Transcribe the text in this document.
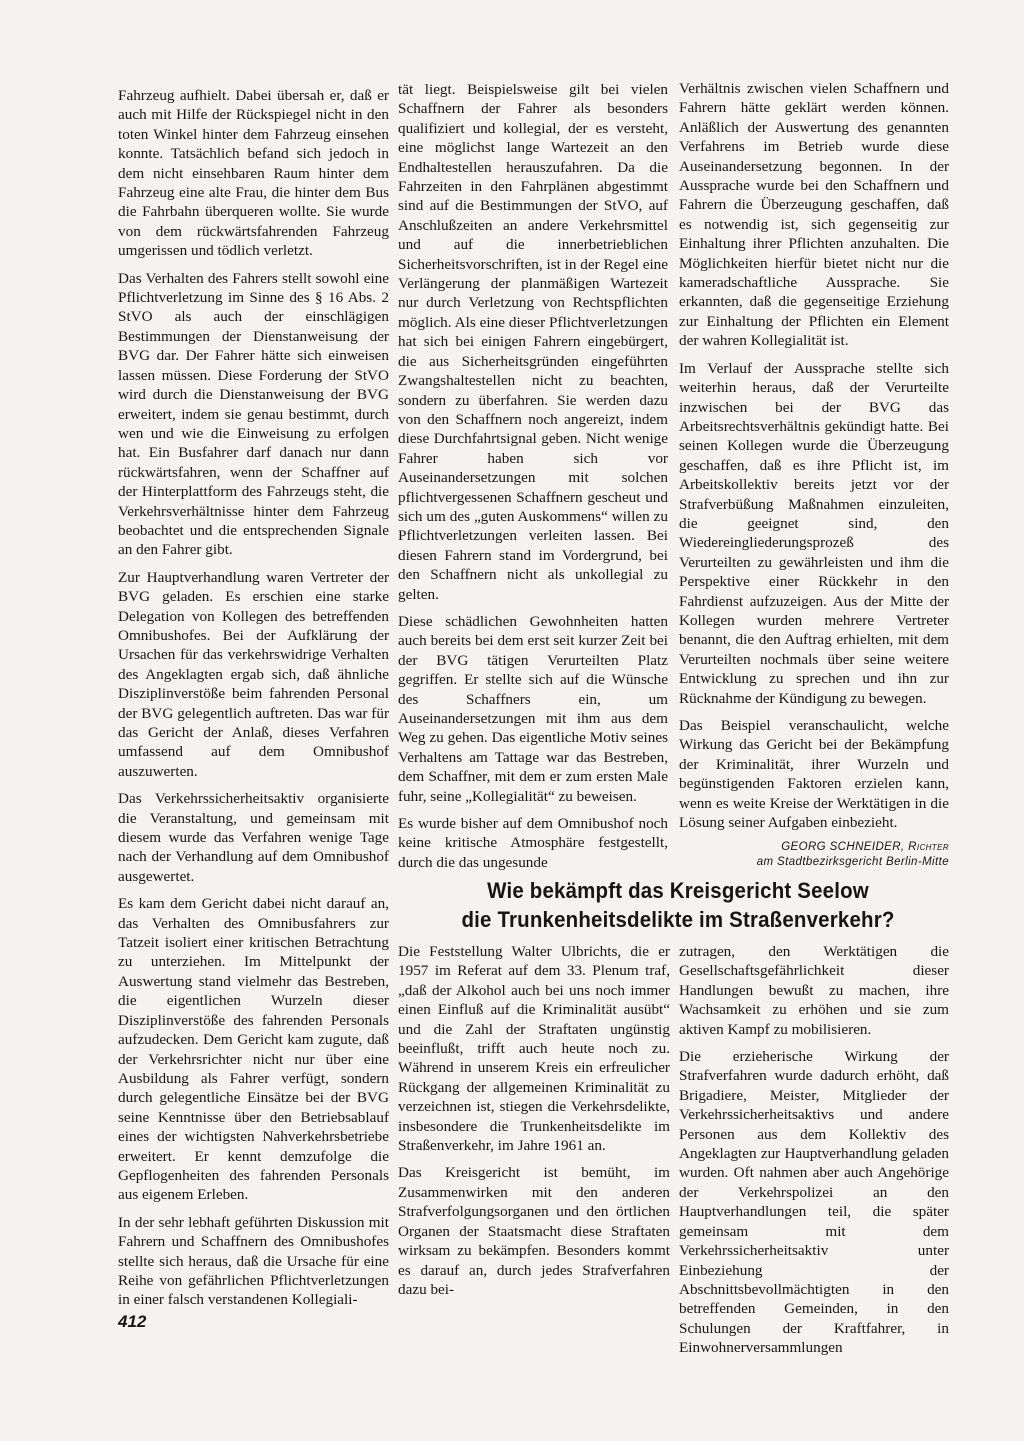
Fahrzeug aufhielt. Dabei übersah er, daß er auch mit Hilfe der Rückspiegel nicht in den toten Winkel hinter dem Fahrzeug einsehen konnte. Tatsächlich befand sich jedoch in dem nicht einsehbaren Raum hinter dem Fahrzeug eine alte Frau, die hinter dem Bus die Fahrbahn überqueren wollte. Sie wurde von dem rückwärtsfahrenden Fahrzeug umgerissen und tödlich verletzt.

Das Verhalten des Fahrers stellt sowohl eine Pflichtverletzung im Sinne des § 16 Abs. 2 StVO als auch der einschlägigen Bestimmungen der Dienstanweisung der BVG dar. Der Fahrer hätte sich einweisen lassen müssen. Diese Forderung der StVO wird durch die Dienstanweisung der BVG erweitert, indem sie genau bestimmt, durch wen und wie die Einweisung zu erfolgen hat. Ein Busfahrer darf danach nur dann rückwärtsfahren, wenn der Schaffner auf der Hinterplattform des Fahrzeugs steht, die Verkehrsverhältnisse hinter dem Fahrzeug beobachtet und die entsprechenden Signale an den Fahrer gibt.

Zur Hauptverhandlung waren Vertreter der BVG geladen. Es erschien eine starke Delegation von Kollegen des betreffenden Omnibushofes. Bei der Aufklärung der Ursachen für das verkehrswidrige Verhalten des Angeklagten ergab sich, daß ähnliche Disziplinverstöße beim fahrenden Personal der BVG gelegentlich auftreten. Das war für das Gericht der Anlaß, dieses Verfahren umfassend auf dem Omnibushof auszuwerten.

Das Verkehrssicherheitsaktiv organisierte die Veranstaltung, und gemeinsam mit diesem wurde das Verfahren wenige Tage nach der Verhandlung auf dem Omnibushof ausgewertet.

Es kam dem Gericht dabei nicht darauf an, das Verhalten des Omnibusfahrers zur Tatzeit isoliert einer kritischen Betrachtung zu unterziehen. Im Mittelpunkt der Auswertung stand vielmehr das Bestreben, die eigentlichen Wurzeln dieser Disziplinverstöße des fahrenden Personals aufzudecken. Dem Gericht kam zugute, daß der Verkehrsrichter nicht nur über eine Ausbildung als Fahrer verfügt, sondern durch gelegentliche Einsätze bei der BVG seine Kenntnisse über den Betriebsablauf eines der wichtigsten Nahverkehrsbetriebe erweitert. Er kennt demzufolge die Gepflogenheiten des fahrenden Personals aus eigenem Erleben.

In der sehr lebhaft geführten Diskussion mit Fahrern und Schaffnern des Omnibushofes stellte sich heraus, daß die Ursache für eine Reihe von gefährlichen Pflichtverletzungen in einer falsch verstandenen Kollegiali-

tät liegt. Beispielsweise gilt bei vielen Schaffnern der Fahrer als besonders qualifiziert und kollegial, der es versteht, eine möglichst lange Wartezeit an den Endhaltestellen herauszufahren. Da die Fahrzeiten in den Fahrplänen abgestimmt sind auf die Bestimmungen der StVO, auf Anschlußzeiten an andere Verkehrsmittel und auf die innerbetrieblichen Sicherheitsvorschriften, ist in der Regel eine Verlängerung der planmäßigen Wartezeit nur durch Verletzung von Rechtspflichten möglich. Als eine dieser Pflichtverletzungen hat sich bei einigen Fahrern eingebürgert, die aus Sicherheitsgründen eingeführten Zwangshaltestellen nicht zu beachten, sondern zu überfahren. Sie werden dazu von den Schaffnern noch angereizt, indem diese Durchfahrtsignal geben. Nicht wenige Fahrer haben sich vor Auseinandersetzungen mit solchen pflichtvergessenen Schaffnern gescheut und sich um des „guten Auskommens“ willen zu Pflichtverletzungen verleiten lassen. Bei diesen Fahrern stand im Vordergrund, bei den Schaffnern nicht als unkollegial zu gelten.

Diese schädlichen Gewohnheiten hatten auch bereits bei dem erst seit kurzer Zeit bei der BVG tätigen Verurteilten Platz gegriffen. Er stellte sich auf die Wünsche des Schaffners ein, um Auseinandersetzungen mit ihm aus dem Weg zu gehen. Das eigentliche Motiv seines Verhaltens am Tattage war das Bestreben, dem Schaffner, mit dem er zum ersten Male fuhr, seine „Kollegialität“ zu beweisen.

Es wurde bisher auf dem Omnibushof noch keine kritische Atmosphäre festgestellt, durch die das ungesunde

Verhältnis zwischen vielen Schaffnern und Fahrern hätte geklärt werden können. Anläßlich der Auswertung des genannten Verfahrens im Betrieb wurde diese Auseinandersetzung begonnen. In der Aussprache wurde bei den Schaffnern und Fahrern die Überzeugung geschaffen, daß es notwendig ist, sich gegenseitig zur Einhaltung ihrer Pflichten anzuhalten. Die Möglichkeiten hierfür bietet nicht nur die kameradschaftliche Aussprache. Sie erkannten, daß die gegenseitige Erziehung zur Einhaltung der Pflichten ein Element der wahren Kollegialität ist.

Im Verlauf der Aussprache stellte sich weiterhin heraus, daß der Verurteilte inzwischen bei der BVG das Arbeitsrechtsverhältnis gekündigt hatte. Bei seinen Kollegen wurde die Überzeugung geschaffen, daß es ihre Pflicht ist, im Arbeitskollektiv bereits jetzt vor der Strafverbüßung Maßnahmen einzuleiten, die geeignet sind, den Wiedereingliederungsprozeß des Verurteilten zu gewährleisten und ihm die Perspektive einer Rückkehr in den Fahrdienst aufzuzeigen. Aus der Mitte der Kollegen wurden mehrere Vertreter benannt, die den Auftrag erhielten, mit dem Verurteilten nochmals über seine weitere Entwicklung zu sprechen und ihn zur Rücknahme der Kündigung zu bewegen.

Das Beispiel veranschaulicht, welche Wirkung das Gericht bei der Bekämpfung der Kriminalität, ihrer Wurzeln und begünstigenden Faktoren erzielen kann, wenn es weite Kreise der Werktätigen in die Lösung seiner Aufgaben einbezieht.

GEORG SCHNEIDER, Richter
am Stadtbezirksgericht Berlin-Mitte
Wie bekämpft das Kreisgericht Seelow
die Trunkenheitsdelikte im Straßenverkehr?

Die Feststellung Walter Ulbrichts, die er 1957 im Referat auf dem 33. Plenum traf, „daß der Alkohol auch bei uns noch immer einen Einfluß auf die Kriminalität ausübt“ und die Zahl der Straftaten ungünstig beeinflußt, trifft auch heute noch zu. Während in unserem Kreis ein erfreulicher Rückgang der allgemeinen Kriminalität zu verzeichnen ist, stiegen die Verkehrsdelikte, insbesondere die Trunkenheitsdelikte im Straßenverkehr, im Jahre 1961 an.

Das Kreisgericht ist bemüht, im Zusammenwirken mit den anderen Strafverfolgungsorganen und den örtlichen Organen der Staatsmacht diese Straftaten wirksam zu bekämpfen. Besonders kommt es darauf an, durch jedes Strafverfahren dazu bei-

zutragen, den Werktätigen die Gesellschaftsgefährlichkeit dieser Handlungen bewußt zu machen, ihre Wachsamkeit zu erhöhen und sie zum aktiven Kampf zu mobilisieren.

Die erzieherische Wirkung der Strafverfahren wurde dadurch erhöht, daß Brigadiere, Meister, Mitglieder der Verkehrssicherheitsaktivs und andere Personen aus dem Kollektiv des Angeklagten zur Hauptverhandlung geladen wurden. Oft nahmen aber auch Angehörige der Verkehrspolizei an den Hauptverhandlungen teil, die später gemeinsam mit dem Verkehrssicherheitsaktiv unter Einbeziehung der Abschnittsbevollmächtigten in den betreffenden Gemeinden, in den Schulungen der Kraftfahrer, in Einwohnerversammlungen

412
